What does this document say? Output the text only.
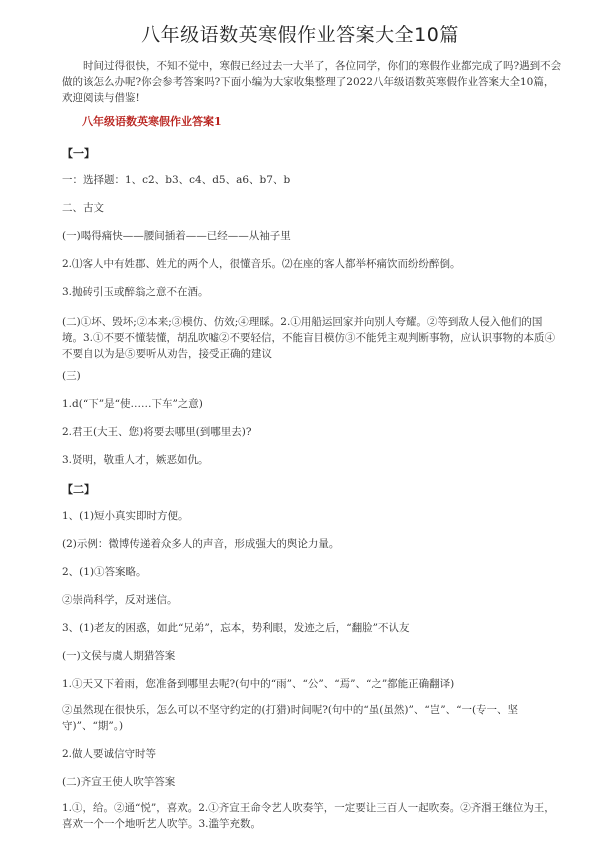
八年级语数英寒假作业答案大全10篇

时间过得很快，不知不觉中，寒假已经过去一大半了，各位同学，你们的寒假作业都完成了吗?遇到不会做的该怎么办呢?你会参考答案吗?下面小编为大家收集整理了2022八年级语数英寒假作业答案大全10篇，欢迎阅读与借鉴!

八年级语数英寒假作业答案1

【一】

一：选择题：1、c2、b3、c4、d5、a6、b7、b

二、古文

(一)喝得痛快——腰间插着——已经——从袖子里

2.⑴客人中有姓郡、姓尤的两个人，很懂音乐。⑵在座的客人都举杯痛饮而纷纷醉倒。

3.抛砖引玉或醉翁之意不在酒。

(二)①坏、毁坏;②本来;③模仿、仿效;④理睬。2.①用船运回家并向别人夸耀。②等到敌人侵入他们的国境。3.①不要不懂装懂，胡乱吹嘘②不要轻信，不能盲目模仿③不能凭主观判断事物，应认识事物的本质④不要自以为是⑤要听从劝告，接受正确的建议

(三)

1.d(“下”是“使……下车”之意)

2.君王(大王、您)将要去哪里(到哪里去)?

3.贤明，敬重人才，嫉恶如仇。

【二】

1、(1)短小真实即时方便。

(2)示例：微博传递着众多人的声音，形成强大的舆论力量。

2、(1)①答案略。

②崇尚科学，反对迷信。

3、(1)老友的困惑，如此“兄弟”，忘本，势利眼，发迹之后，“翻脸”不认友

(一)文侯与虞人期猎答案

1.①天又下着雨，您准备到哪里去呢?(句中的“雨”、“公”、“焉”、“之”都能正确翻译)

②虽然现在很快乐，怎么可以不坚守约定的(打猎)时间呢?(句中的“虽(虽然)”、“岂”、“一(专一、坚守)”、“期”。)

2.做人要诚信守时等

(二)齐宣王使人吹竽答案

1.①，给。②通“悦”，喜欢。2.①齐宣王命令艺人吹奏竽，一定要让三百人一起吹奏。②齐湣王继位为王，喜欢一个一个地听艺人吹竽。3.滥竽充数。
